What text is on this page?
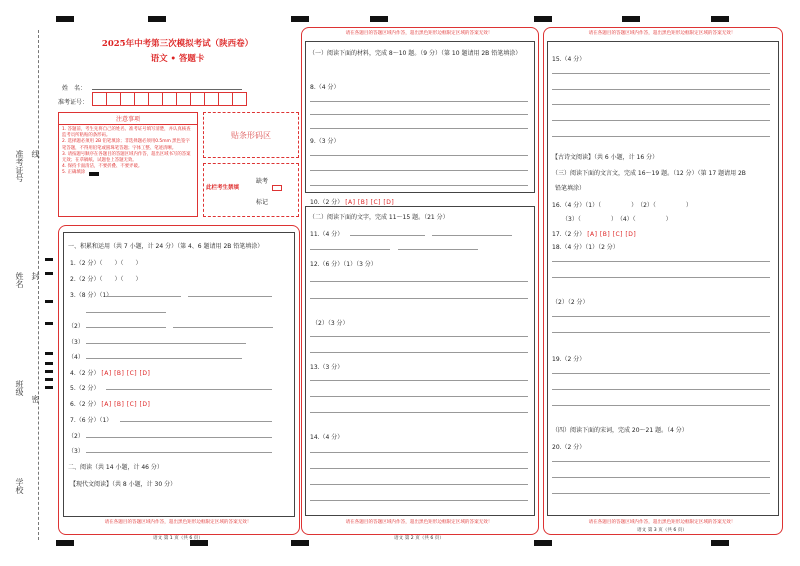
准考证号 线
姓名 封
班级
密
学校
2025年中考第三次模拟考试（陕西卷）
语文 • 答题卡
姓　名：
准考证号：
注意事项
1. 答题前，考生先将自己的姓名、准考证号填写清楚，并认真核查监考员所粘贴的条形码。
2. 选择题必须用 2B 铅笔填涂；非选择题必须用0.5mm 黑色签字笔答题，不得用铅笔或圆珠笔答题；字体工整、笔迹清晰。
3. 请按题号顺序在各题目的答题区域内作答，超出区域书写的答案无效；在草稿纸、试题卷上答题无效。
4. 保持卡面清洁，不要折叠、不要弄破。
5. 正确填涂
贴条形码区
此栏考生禁填
缺考
标记
一、积累和运用（共 7 小题，计 24 分）（第 4、6 题请用 2B 铅笔填涂）
1.（2 分）（　　）（　　）
2.（2 分）（　　）（　　）
3.（8 分）（1）
（2）
（3）
（4）
4.（2 分） [A] [B] [C] [D]
5.（2 分）
6.（2 分） [A] [B] [C] [D]
7.（6 分）（1）
（2）
（3）
二、阅读（共 14 小题，计 46 分）
【现代文阅读】（共 8 小题，计 30 分）
请在各题目的答题区域内作答，超出黑色矩形边框限定区域的答案无效！
语文 第 1 页（共 6 页）
请在各题目的答题区域内作答，超出黑色矩形边框限定区域的答案无效！
（一）阅读下面的材料，完成 8～10 题。（9 分）（第 10 题请用 2B 铅笔填涂）
8.（4 分）
9.（3 分）
10.（2 分） [A] [B] [C] [D]
（二）阅读下面的文字，完成 11～15 题。（21 分）
11.（4 分）
12.（6 分）（1）（3 分）
（2）（3 分）
13.（3 分）
14.（4 分）
请在各题目的答题区域内作答，超出黑色矩形边框限定区域的答案无效！
语文 第 2 页（共 6 页）
请在各题目的答题区域内作答，超出黑色矩形边框限定区域的答案无效！
15.（4 分）
【古诗文阅读】（共 6 小题，计 16 分）
（三）阅读下面的文言文，完成 16～19 题。（12 分）（第 17 题请用 2B
铅笔填涂）
16.（4 分）（1）（　　　　　）　（2）（　　　　　）
（3）（　　　　　）　（4）（　　　　　）
17.（2 分） [A] [B] [C] [D]
18.（4 分）（1）（2 分）
（2）（2 分）
19.（2 分）
（四）阅读下面的宋词，完成 20～21 题。（4 分）
20.（2 分）
请在各题目的答题区域内作答，超出黑色矩形边框限定区域的答案无效！
语文 第 3 页（共 6 页）
